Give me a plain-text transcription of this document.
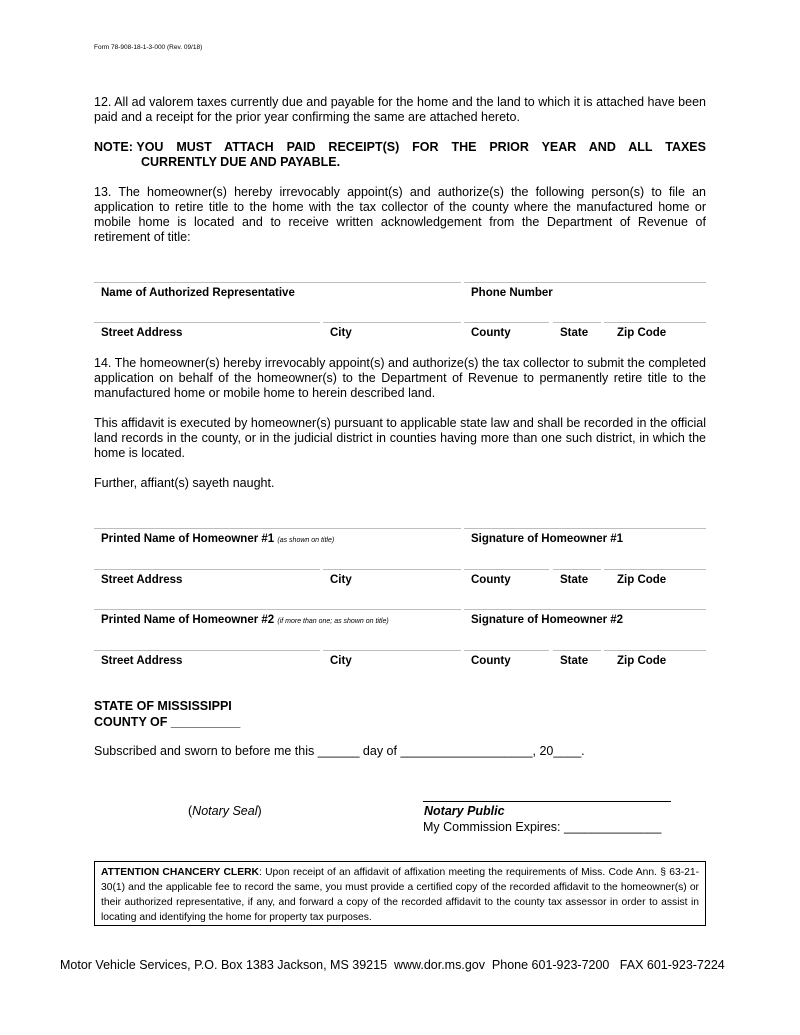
Form 78-908-18-1-3-000 (Rev. 09/18)
12. All ad valorem taxes currently due and payable for the home and the land to which it is attached have been paid and a receipt for the prior year confirming the same are attached hereto.
NOTE: YOU MUST ATTACH PAID RECEIPT(S) FOR THE PRIOR YEAR AND ALL TAXES
CURRENTLY DUE AND PAYABLE.
13. The homeowner(s) hereby irrevocably appoint(s) and authorize(s) the following person(s) to file an application to retire title to the home with the tax collector of the county where the manufactured home or mobile home is located and to receive written acknowledgement from the Department of Revenue of retirement of title:
Name of Authorized Representative	Phone Number
Street Address	City	County	State	Zip Code
14. The homeowner(s) hereby irrevocably appoint(s) and authorize(s) the tax collector to submit the completed application on behalf of the homeowner(s) to the Department of Revenue to permanently retire title to the manufactured home or mobile home to herein described land.
This affidavit is executed by homeowner(s) pursuant to applicable state law and shall be recorded in the official land records in the county, or in the judicial district in counties having more than one such district, in which the home is located.
Further, affiant(s) sayeth naught.
Printed Name of Homeowner #1 (as shown on title)	Signature of Homeowner #1
Street Address	City	County	State	Zip Code
Printed Name of Homeowner #2 (if more than one; as shown on title)	Signature of Homeowner #2
Street Address	City	County	State	Zip Code
STATE OF MISSISSIPPI
COUNTY OF __________
Subscribed and sworn to before me this ______ day of ___________________, 20____.
(Notary Seal)	Notary Public
My Commission Expires: ______________
ATTENTION CHANCERY CLERK: Upon receipt of an affidavit of affixation meeting the requirements of Miss. Code Ann. § 63-21-30(1) and the applicable fee to record the same, you must provide a certified copy of the recorded affidavit to the homeowner(s) or their authorized representative, if any, and forward a copy of the recorded affidavit to the county tax assessor in order to assist in locating and identifying the home for property tax purposes.
Motor Vehicle Services, P.O. Box 1383 Jackson, MS 39215  www.dor.ms.gov  Phone 601-923-7200   FAX 601-923-7224
